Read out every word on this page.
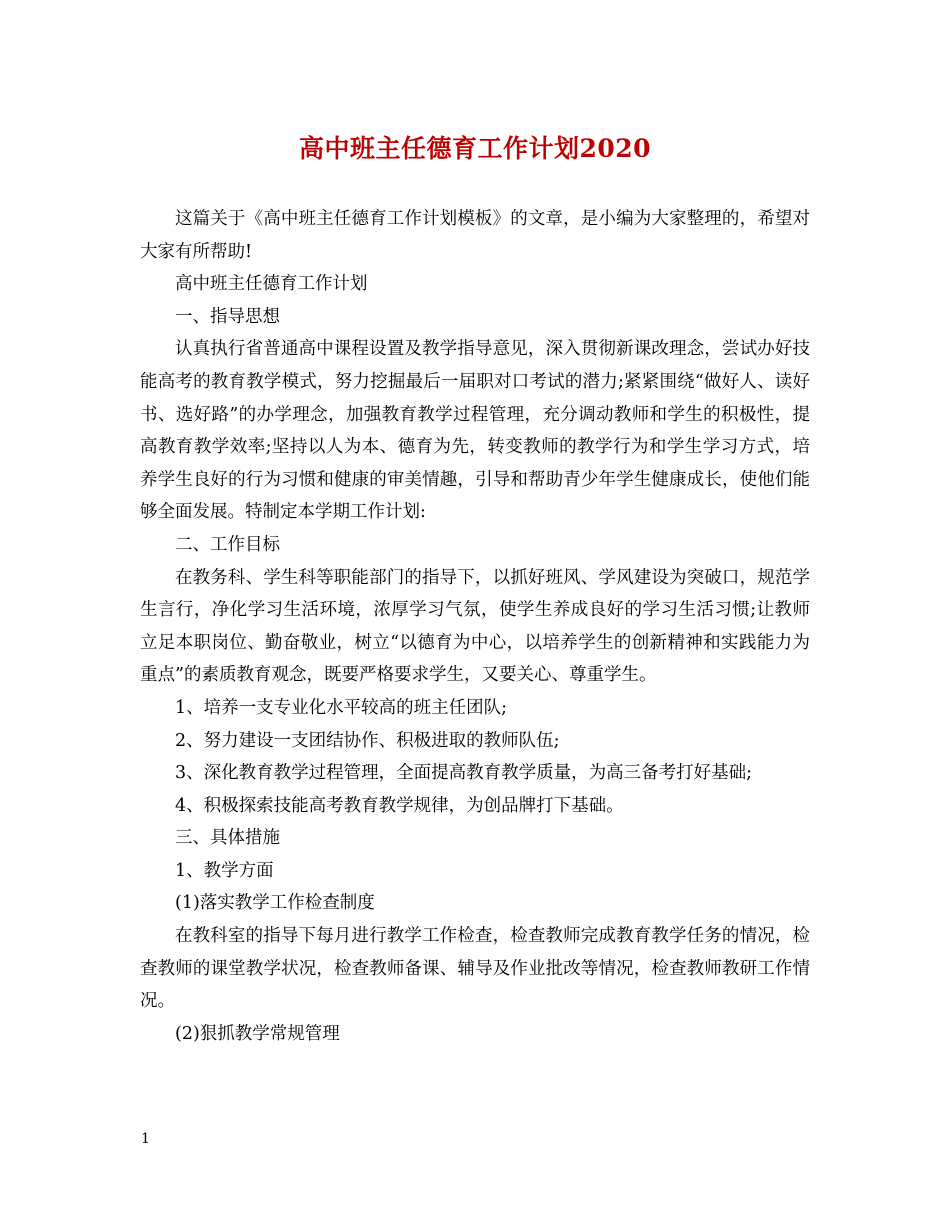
高中班主任德育工作计划2020

这篇关于《高中班主任德育工作计划模板》的文章，是小编为大家整理的，希望对大家有所帮助!

高中班主任德育工作计划

一、指导思想

认真执行省普通高中课程设置及教学指导意见，深入贯彻新课改理念，尝试办好技能高考的教育教学模式，努力挖掘最后一届职对口考试的潜力;紧紧围绕“做好人、读好书、选好路”的办学理念，加强教育教学过程管理，充分调动教师和学生的积极性，提高教育教学效率;坚持以人为本、德育为先，转变教师的教学行为和学生学习方式，培养学生良好的行为习惯和健康的审美情趣，引导和帮助青少年学生健康成长，使他们能够全面发展。特制定本学期工作计划:

二、工作目标

在教务科、学生科等职能部门的指导下，以抓好班风、学风建设为突破口，规范学生言行，净化学习生活环境，浓厚学习气氛，使学生养成良好的学习生活习惯;让教师立足本职岗位、勤奋敬业，树立“以德育为中心，以培养学生的创新精神和实践能力为重点”的素质教育观念，既要严格要求学生，又要关心、尊重学生。

1、培养一支专业化水平较高的班主任团队;

2、努力建设一支团结协作、积极进取的教师队伍;

3、深化教育教学过程管理，全面提高教育教学质量，为高三备考打好基础;

4、积极探索技能高考教育教学规律，为创品牌打下基础。

三、具体措施

1、教学方面

(1)落实教学工作检查制度

在教科室的指导下每月进行教学工作检查，检查教师完成教育教学任务的情况，检查教师的课堂教学状况，检查教师备课、辅导及作业批改等情况，检查教师教研工作情况。

(2)狠抓教学常规管理

1
